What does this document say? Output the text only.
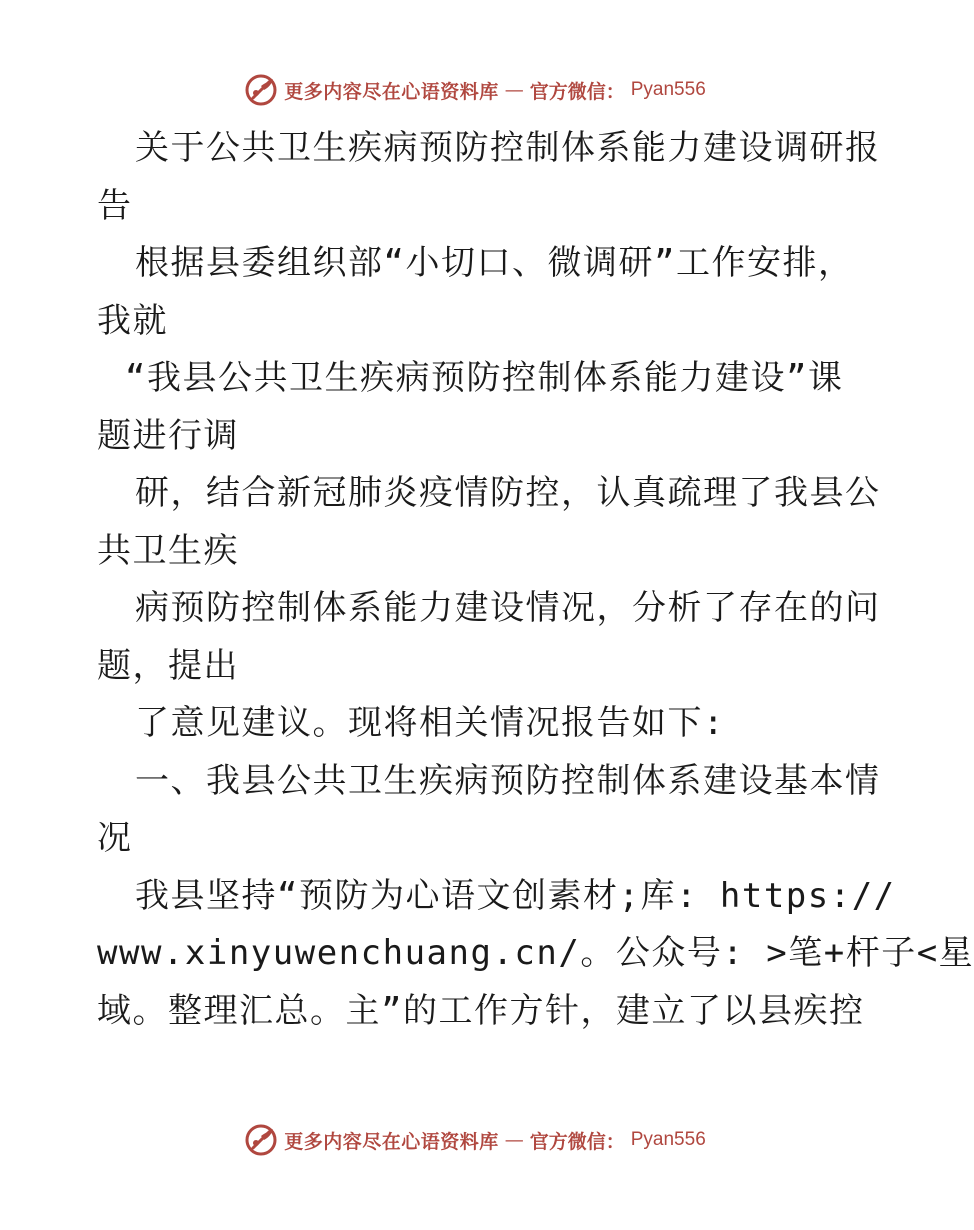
更多内容尽在心语资料库 — 官方微信： Pyan556
关于公共卫生疾病预防控制体系能力建设调研报
告
根据县委组织部“小切口、微调研”工作安排，
我就
“我县公共卫生疾病预防控制体系能力建设”课
题进行调
研，结合新冠肺炎疫情防控，认真疏理了我县公
共卫生疾
病预防控制体系能力建设情况，分析了存在的问
题，提出
了意见建议。现将相关情况报告如下:
一、我县公共卫生疾病预防控制体系建设基本情
况
我县坚持“预防为心语文创素材;库: https://
www.xinyuwenchuang.cn/。公众号: >笔+杆子<星
域。整理汇总。主”的工作方针，建立了以县疾控
更多内容尽在心语资料库 — 官方微信： Pyan556
